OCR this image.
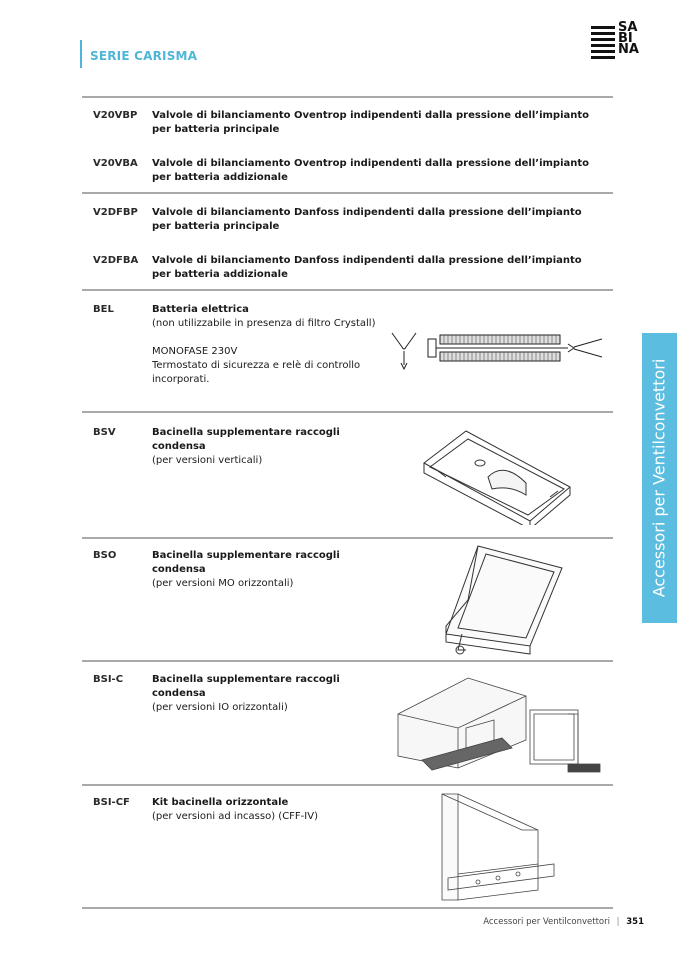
SERIE CARISMA
SA
BI
NA
Accessori per Ventilconvettori
V20VBP Valvole di bilanciamento Oventrop indipendenti dalla pressione dell’impianto
per batteria principale
V20VBA Valvole di bilanciamento Oventrop indipendenti dalla pressione dell’impianto
per batteria addizionale
V2DFBP Valvole di bilanciamento Danfoss indipendenti dalla pressione dell’impianto
per batteria principale
V2DFBA Valvole di bilanciamento Danfoss indipendenti dalla pressione dell’impianto
per batteria addizionale
BEL	Batteria elettrica
(non utilizzabile in presenza di filtro Crystall)
MONOFASE 230V
Termostato di sicurezza e relè di controllo
incorporati.
BSV	Bacinella supplementare raccogli
condensa
(per versioni verticali)
BSO	Bacinella supplementare raccogli
condensa
(per versioni MO orizzontali)
BSI-C	Bacinella supplementare raccogli
condensa
(per versioni IO orizzontali)
BSI-CF Kit bacinella orizzontale
(per versioni ad incasso) (CFF-IV)
Accessori per Ventilconvettori | 351
